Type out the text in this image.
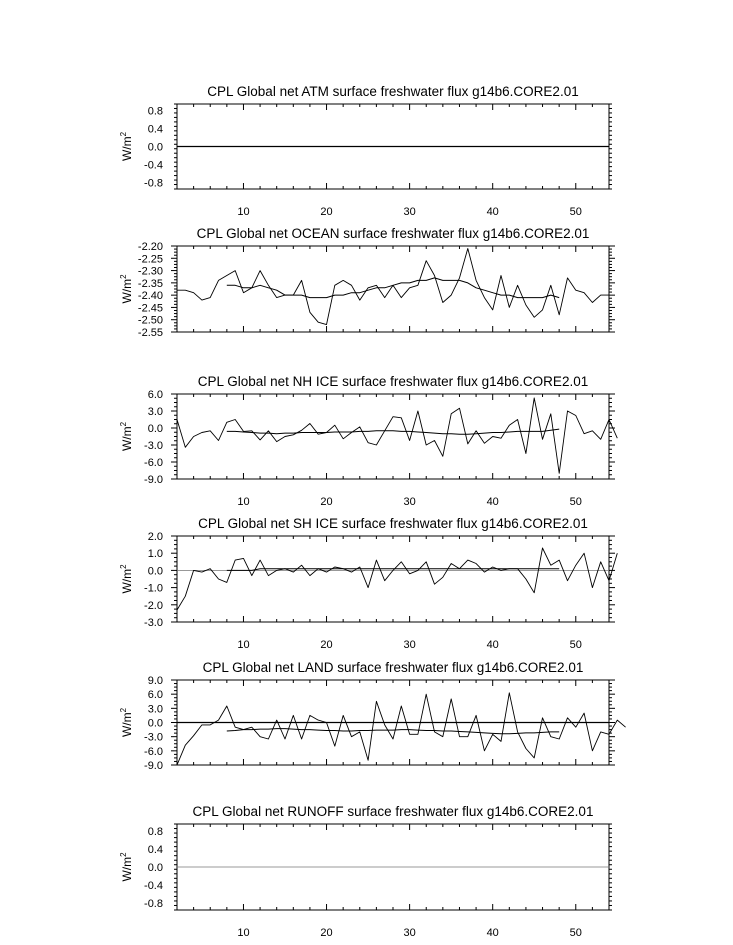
CPL Global net ATM surface freshwater flux g14b6.CORE2.01
0.8
0.4
0.0
-0.4
-0.8
10	20	30	40	50
$W/m^2$
CPL Global net OCEAN surface freshwater flux g14b6.CORE2.01
-2.20
-2.25
-2.30
-2.35
-2.40
-2.45
-2.50
-2.55
$W/m^2$
CPL Global net NH ICE surface freshwater flux g14b6.CORE2.01
6.0
3.0
0.0
-3.0
-6.0
-9.0
10	20	30	40	50
$W/m^2$
CPL Global net SH ICE surface freshwater flux g14b6.CORE2.01
2.0
1.0
0.0
-1.0
-2.0
-3.0
10	20	30	40	50
$W/m^2$
CPL Global net LAND surface freshwater flux g14b6.CORE2.01
9.0
6.0
3.0
0.0
-3.0
-6.0
-9.0
$W/m^2$
CPL Global net RUNOFF surface freshwater flux g14b6.CORE2.01
0.8
0.4
0.0
-0.4
-0.8
10	20	30	40	50
$W/m^2$
